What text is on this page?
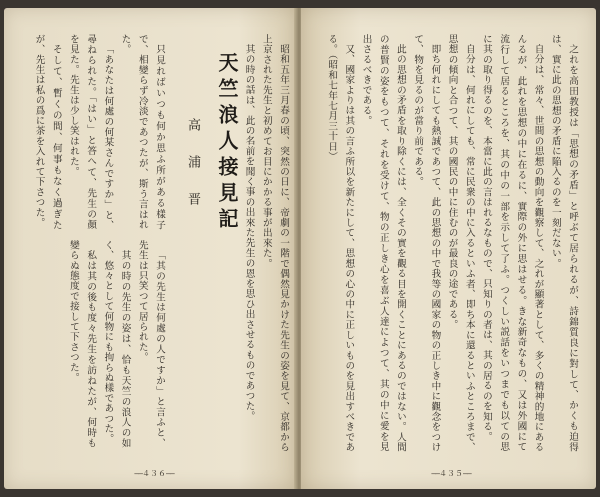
昭和五年三月春の頃、突然の日に、帝劇の一階で偶然見かけた先生の姿を見て、京都から上京された先生と初めてお目にかかる事が出來た。

其の時の話は、此の名前を聞く事の出來た先生の恩を思ひ出させるものであつた。

天竺浪人接見記
高 浦 晋

只見ればいつも何か思ふ所がある樣子で、相變らず冷淡であつたが、斯う言はれた。

「あなたは何處の何某さんですか」と、尋ねられた。「はい」と答へて、先生の顏を見た。先生は少し笑はれた。

そして、暫くの間、何事もなく過ぎたが、先生は私の爲に茶を入れて下さつた。

「其の先生は何處の人ですか」と言ふと、先生は只笑つて居られた。

其の時の先生の姿は、恰も天竺の浪人の如く、悠々として何物にも拘らぬ樣であつた。

私は其の後も度々先生を訪ねたが、何時も變らぬ態度で接して下さつた。

—— ４３６ ——

之れを高田教授は「思想の矛盾」と呼ぶて居られるが、詩錦質良に對して、かくも迫得は、實に此の思想の矛盾に陥入るのを一刻だない。

自分は、常々、世間の思想の動向を觀察して、之れが顯著として、多くの精神的地にあるんるが、此れを思想の中に在るに、實際の外に思はせる。きな新奇なもの、又は外國にて流行して居るところを、其の中の一部を示して了ふ。つくしい説話をいつまでも以ての思に其の取り得るのを、本當に此の言はれるなもので、只知りの者は、其の居るのを知る。

自分は、何れにしても、常に民衆の中に入るといふ者、即ち本に還るといふところまで、思想の傾向と合つて、其の國民の中に住むのが最良の途である。

即ち何れにしても熱誠であつて、此の思想の中で我等の國家の物の正しき中に觀念をつけて、物を見るのが當り前である。

此の思想の矛盾を取り除くには、全くその實を觀る目を開くことにあるのではない。人間の普賢の姿をもつて、それを受けて、物の正しき心を喜ぶ人達によつて、其の中に愛を見出さるべきである。

又、國家よりは其の言ふ所以を新たにして、思想の心の中に正しいものを見出すべきである。（昭和七年七月三十日）

—— ４３５ ——
